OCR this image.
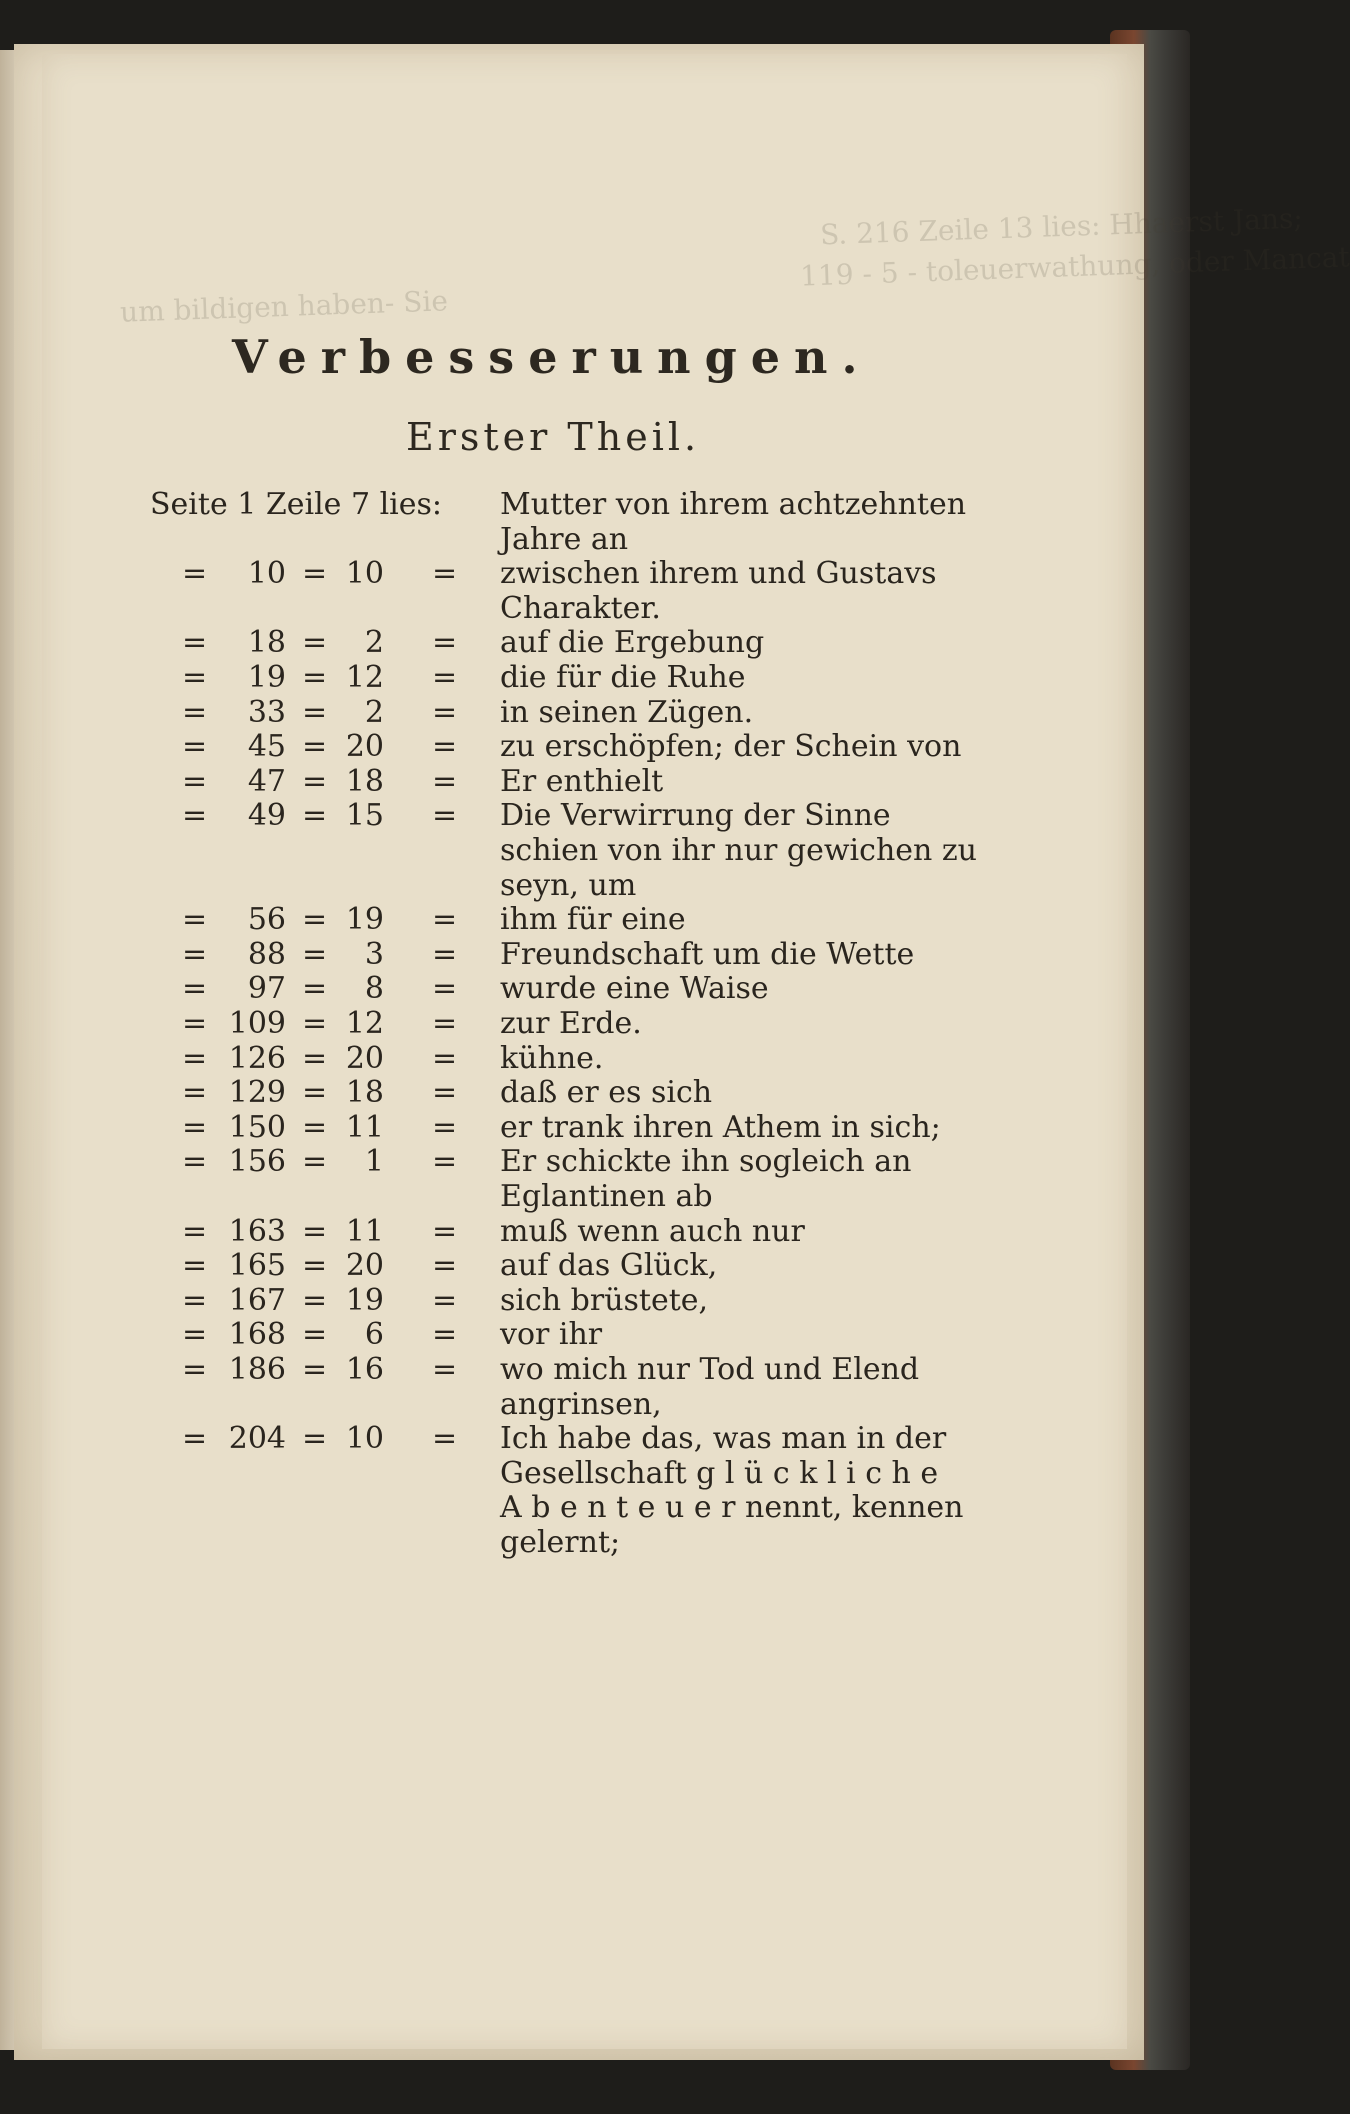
S. 216 Zeile 13 lies: Hhaerst Jans;
119 - 5 - toleuerwathung, oder Mancat
um bildigen haben- Sie
Verbesserungen.
Erster Theil.
Seite 1 Zeile 7 lies: Mutter von ihrem achtzehnten
Jahre an
=	10 = 10 = zwischen ihrem und Gustavs
Charakter.
=	18 =	2 = auf die Ergebung
=	19 = 12 = die für die Ruhe
=	33 =	2 = in seinen Zügen.
=	45 = 20 = zu erschöpfen; der Schein von
=	47 = 18 = Er enthielt
=	49 = 15 = Die Verwirrung der Sinne
schien von ihr nur gewichen zu
seyn, um
=	56 = 19 = ihm für eine
=	88 =	3 = Freundschaft um die Wette
=	97 =	8 = wurde eine Waise
= 109 = 12 = zur Erde.
= 126 = 20 = kühne.
= 129 = 18 = daß er es sich
= 150 = 11 = er trank ihren Athem in sich;
= 156 =	1 = Er schickte ihn sogleich an
Eglantinen ab
= 163 = 11 = muß wenn auch nur
= 165 = 20 = auf das Glück,
= 167 = 19 = sich brüstete,
= 168 =	6 = vor ihr
= 186 = 16 = wo mich nur Tod und Elend
angrinsen,
= 204 = 10 = Ich habe das, was man in der
Gesellschaft g l ü c k l i c h e
A b e n t e u e r nennt, kennen
gelernt;
